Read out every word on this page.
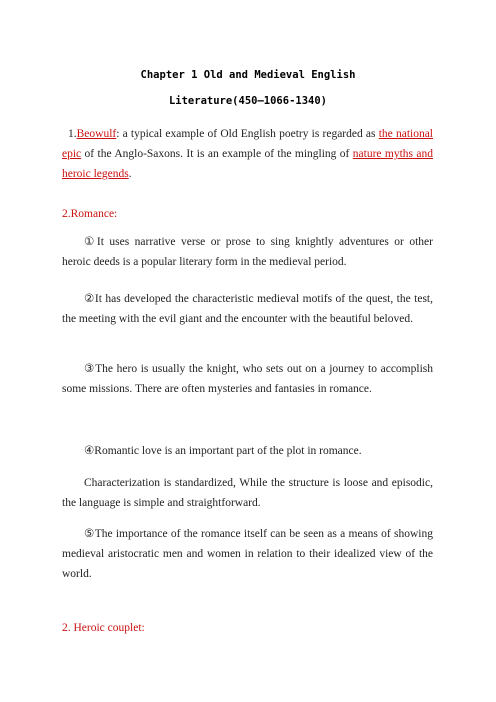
Chapter 1 Old and Medieval English
Literature(450—1066-1340)

1.Beowulf: a typical example of Old English poetry is regarded as the national epic of the Anglo-Saxons. It is an example of the mingling of nature myths and heroic legends.

2.Romance:

①It uses narrative verse or prose to sing knightly adventures or other heroic deeds is a popular literary form in the medieval period.

②It has developed the characteristic medieval motifs of the quest, the test, the meeting with the evil giant and the encounter with the beautiful beloved.

③The hero is usually the knight, who sets out on a journey to accomplish some missions. There are often mysteries and fantasies in romance.

④Romantic love is an important part of the plot in romance.

Characterization is standardized, While the structure is loose and episodic, the language is simple and straightforward.

⑤The importance of the romance itself can be seen as a means of showing medieval aristocratic men and women in relation to their idealized view of the world.

2. Heroic couplet:
